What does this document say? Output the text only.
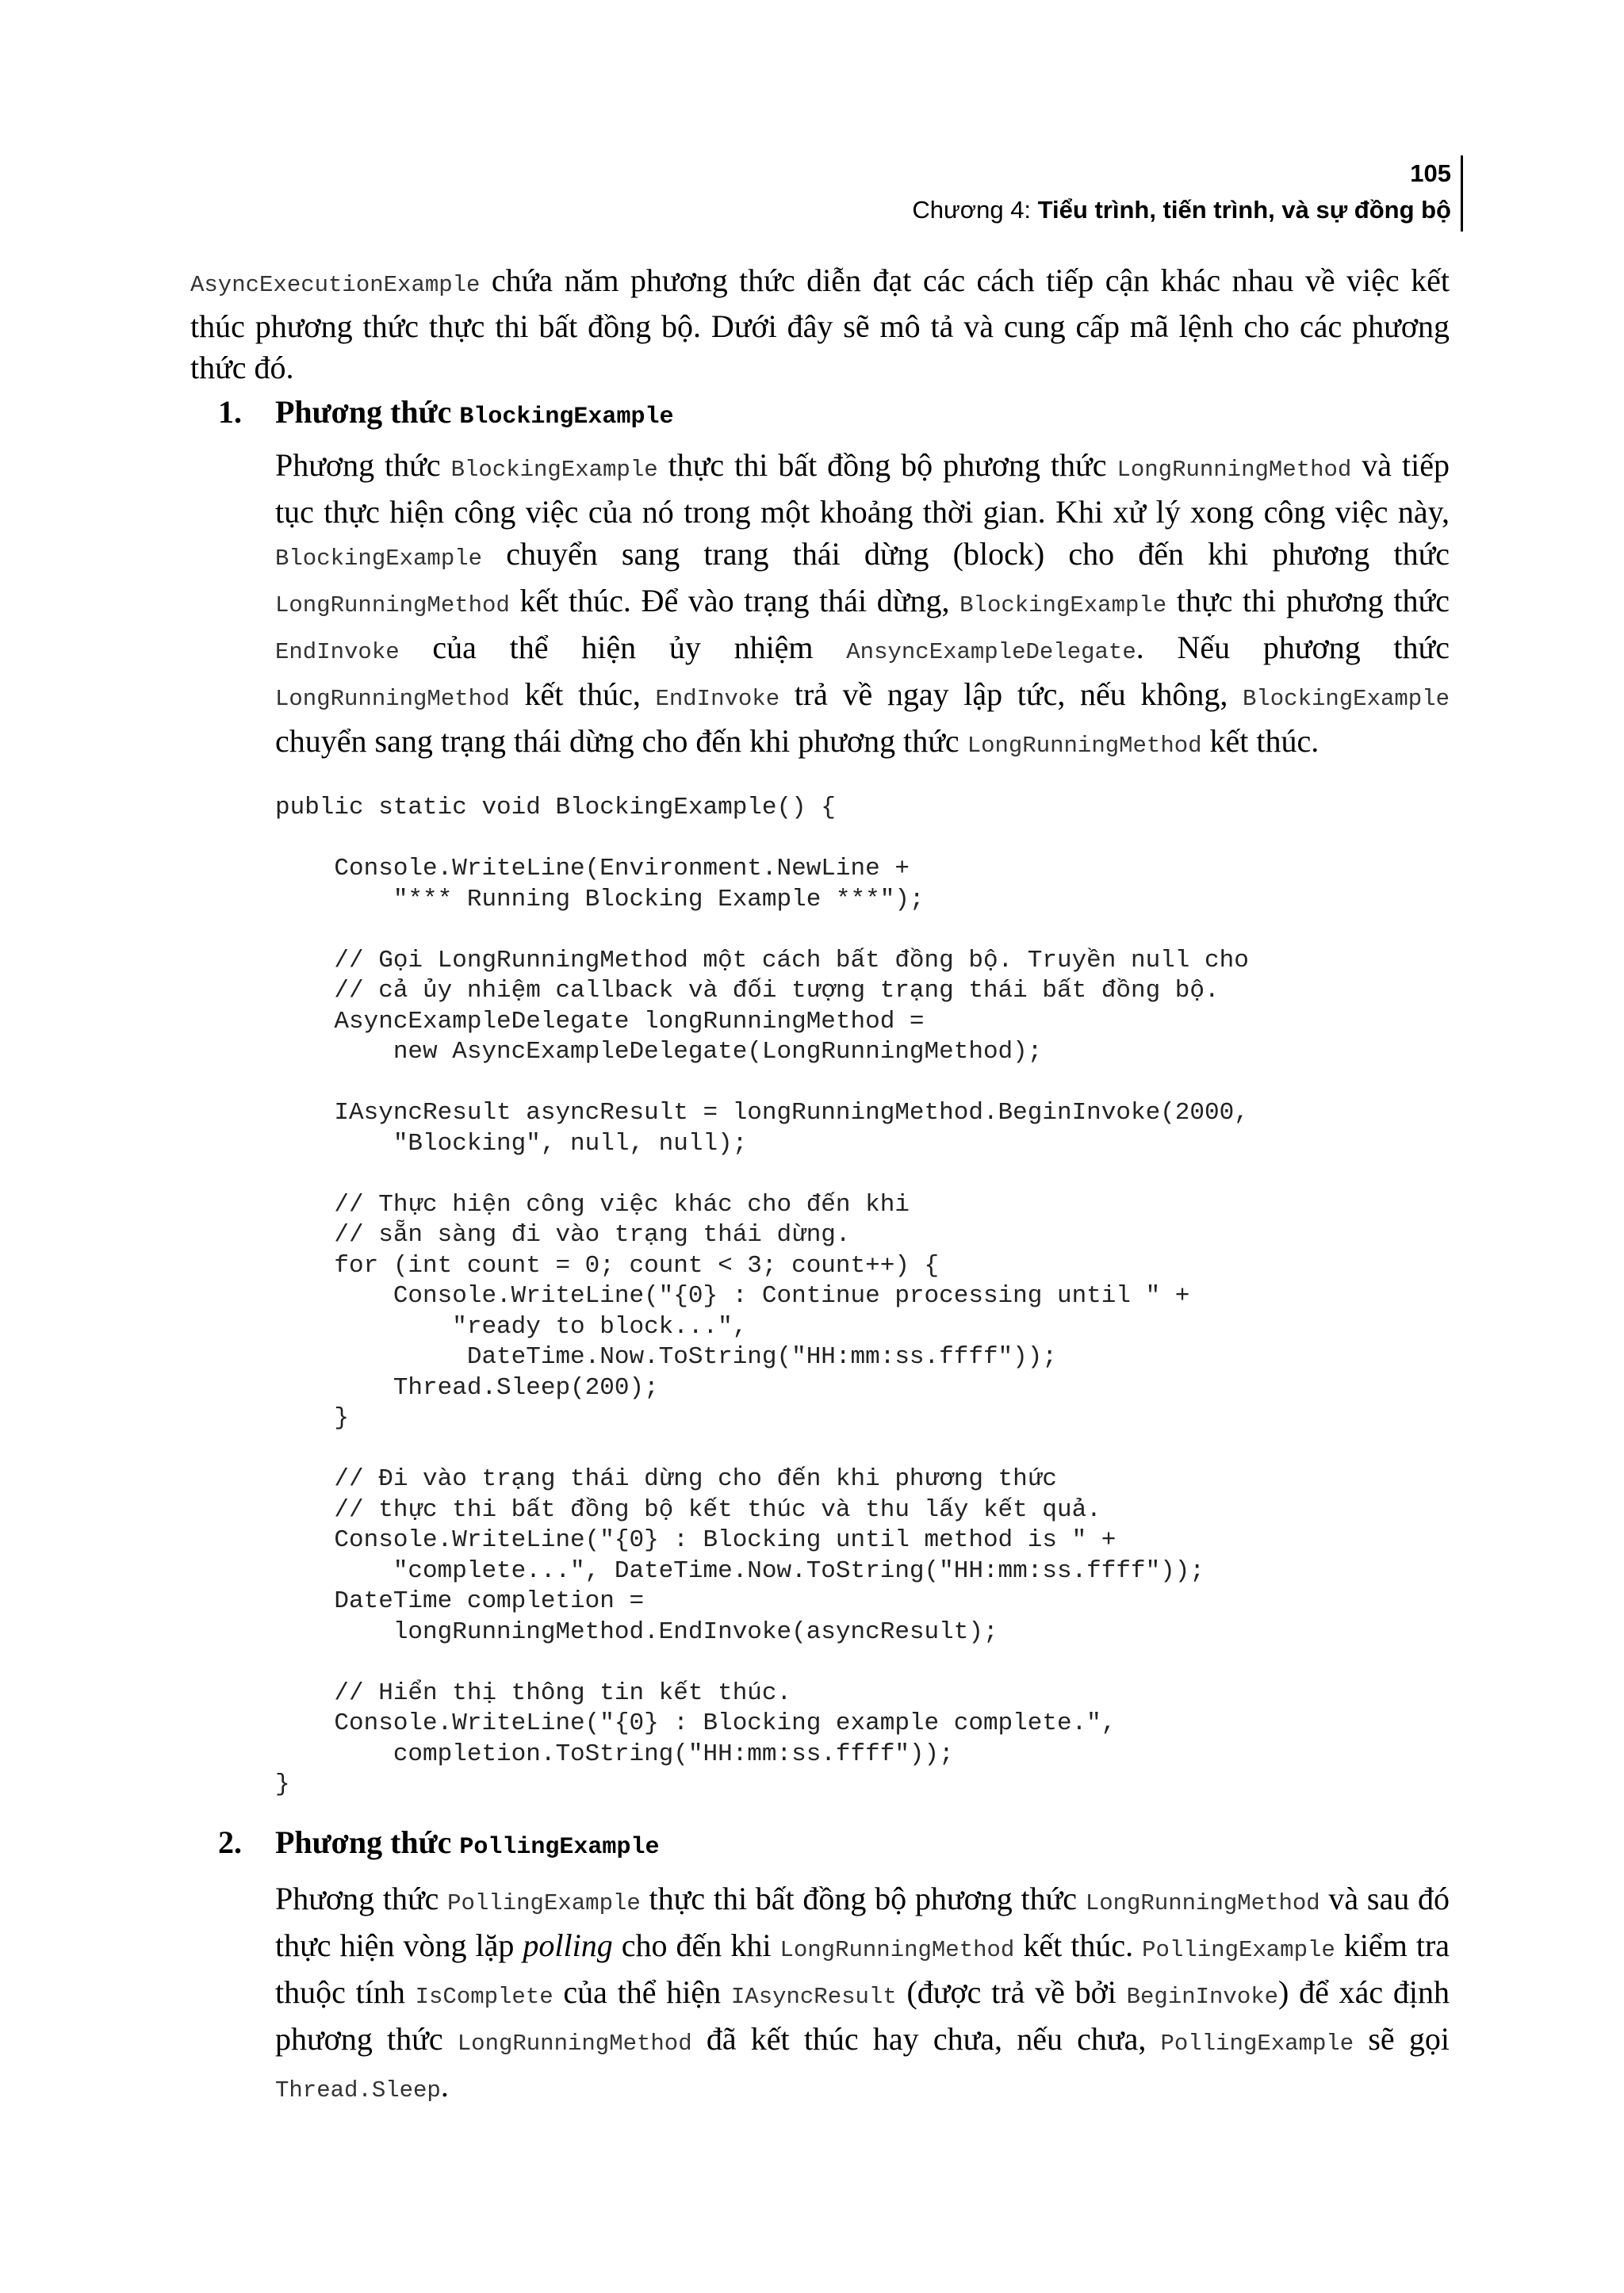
105
Chương 4: Tiểu trình, tiến trình, và sự đồng bộ

AsyncExecutionExample chứa năm phương thức diễn đạt các cách tiếp cận khác nhau về việc kết thúc phương thức thực thi bất đồng bộ. Dưới đây sẽ mô tả và cung cấp mã lệnh cho các phương thức đó.

1. Phương thức BlockingExample

Phương thức BlockingExample thực thi bất đồng bộ phương thức LongRunningMethod và tiếp tục thực hiện công việc của nó trong một khoảng thời gian. Khi xử lý xong công việc này, BlockingExample chuyển sang trang thái dừng (block) cho đến khi phương thức LongRunningMethod kết thúc. Để vào trạng thái dừng, BlockingExample thực thi phương thức EndInvoke của thể hiện ủy nhiệm AnsyncExampleDelegate. Nếu phương thức LongRunningMethod kết thúc, EndInvoke trả về ngay lập tức, nếu không, BlockingExample chuyển sang trạng thái dừng cho đến khi phương thức LongRunningMethod kết thúc.

public static void BlockingExample() {

Console.WriteLine(Environment.NewLine +
"*** Running Blocking Example ***");

// Gọi LongRunningMethod một cách bất đồng bộ. Truyền null cho
// cả ủy nhiệm callback và đối tượng trạng thái bất đồng bộ.
AsyncExampleDelegate longRunningMethod =
new AsyncExampleDelegate(LongRunningMethod);

IAsyncResult asyncResult = longRunningMethod.BeginInvoke(2000,
"Blocking", null, null);

// Thực hiện công việc khác cho đến khi
// sẵn sàng đi vào trạng thái dừng.
for (int count = 0; count < 3; count++) {
Console.WriteLine("{0} : Continue processing until " +
"ready to block...",
DateTime.Now.ToString("HH:mm:ss.ffff"));
Thread.Sleep(200);
}

// Đi vào trạng thái dừng cho đến khi phương thức
// thực thi bất đồng bộ kết thúc và thu lấy kết quả.
Console.WriteLine("{0} : Blocking until method is " +
"complete...", DateTime.Now.ToString("HH:mm:ss.ffff"));
DateTime completion =
longRunningMethod.EndInvoke(asyncResult);

// Hiển thị thông tin kết thúc.
Console.WriteLine("{0} : Blocking example complete.",
completion.ToString("HH:mm:ss.ffff"));
}
2. Phương thức PollingExample

Phương thức PollingExample thực thi bất đồng bộ phương thức LongRunningMethod và sau đó thực hiện vòng lặp polling cho đến khi LongRunningMethod kết thúc. PollingExample kiểm tra thuộc tính IsComplete của thể hiện IAsyncResult (được trả về bởi BeginInvoke) để xác định phương thức LongRunningMethod đã kết thúc hay chưa, nếu chưa, PollingExample sẽ gọi Thread.Sleep.
